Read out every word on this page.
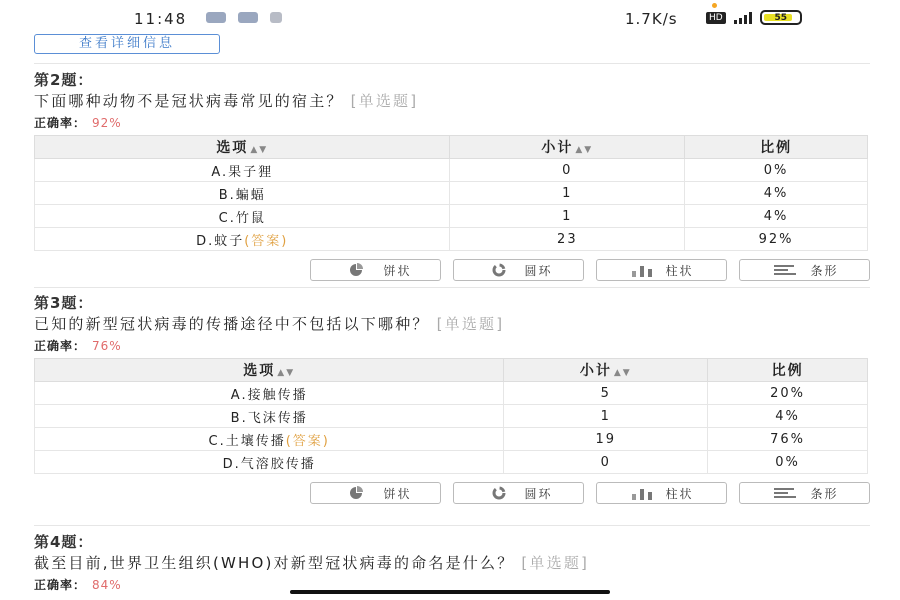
11:48	1.7K/s	HD	55
查看详细信息
第2题：
下面哪种动物不是冠状病毒常见的宿主？ [单选题]
正确率： 92%
选项 ▲▼	小计 ▲▼	比例
A.果子狸	0	0%
B.蝙蝠	1	4%
C.竹鼠	1	4%
D.蚊子(答案)	23	92%
饼状	圆环	柱状	条形
第3题：
已知的新型冠状病毒的传播途径中不包括以下哪种？ [单选题]
正确率： 76%
选项 ▲▼	小计 ▲▼	比例
A.接触传播	5	20%
B.飞沫传播	1	4%
C.土壤传播(答案)	19	76%
D.气溶胶传播	0	0%
饼状	圆环	柱状	条形
第4题：
截至目前,世界卫生组织(WHO)对新型冠状病毒的命名是什么？ [单选题]
正确率： 84%
